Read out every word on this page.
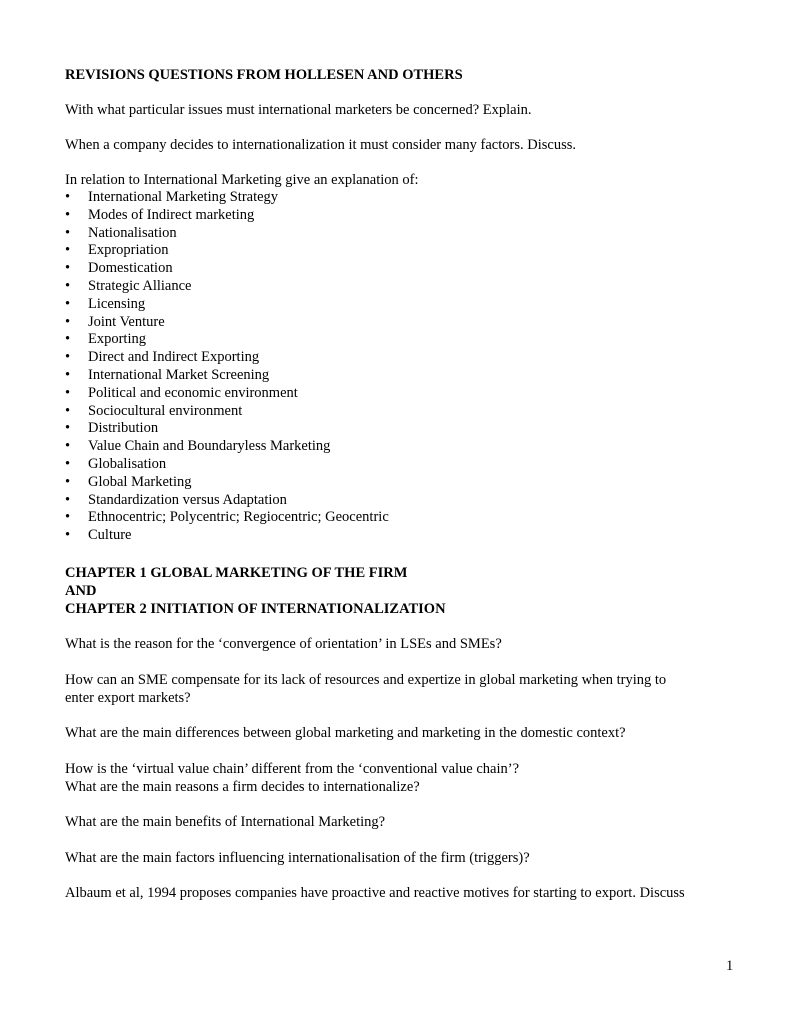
REVISIONS QUESTIONS FROM HOLLESEN AND OTHERS
With what particular issues must international marketers be concerned? Explain.
When a company decides to internationalization it must consider many factors. Discuss.
In relation to International Marketing give an explanation of:
• International Marketing Strategy
• Modes of Indirect marketing
• Nationalisation
• Expropriation
• Domestication
• Strategic Alliance
• Licensing
• Joint Venture
• Exporting
• Direct and Indirect Exporting
• International Market Screening
• Political and economic environment
• Sociocultural environment
• Distribution
• Value Chain and Boundaryless Marketing
• Globalisation
• Global Marketing
• Standardization versus Adaptation
• Ethnocentric; Polycentric; Regiocentric; Geocentric
• Culture
CHAPTER 1 GLOBAL MARKETING OF THE FIRM
AND
CHAPTER 2 INITIATION OF INTERNATIONALIZATION
What is the reason for the ‘convergence of orientation’ in LSEs and SMEs?
How can an SME compensate for its lack of resources and expertize in global marketing when trying to
enter export markets?
What are the main differences between global marketing and marketing in the domestic context?
How is the ‘virtual value chain’ different from the ‘conventional value chain’?
What are the main reasons a firm decides to internationalize?
What are the main benefits of International Marketing?
What are the main factors influencing internationalisation of the firm (triggers)?
Albaum et al, 1994 proposes companies have proactive and reactive motives for starting to export. Discuss
1
